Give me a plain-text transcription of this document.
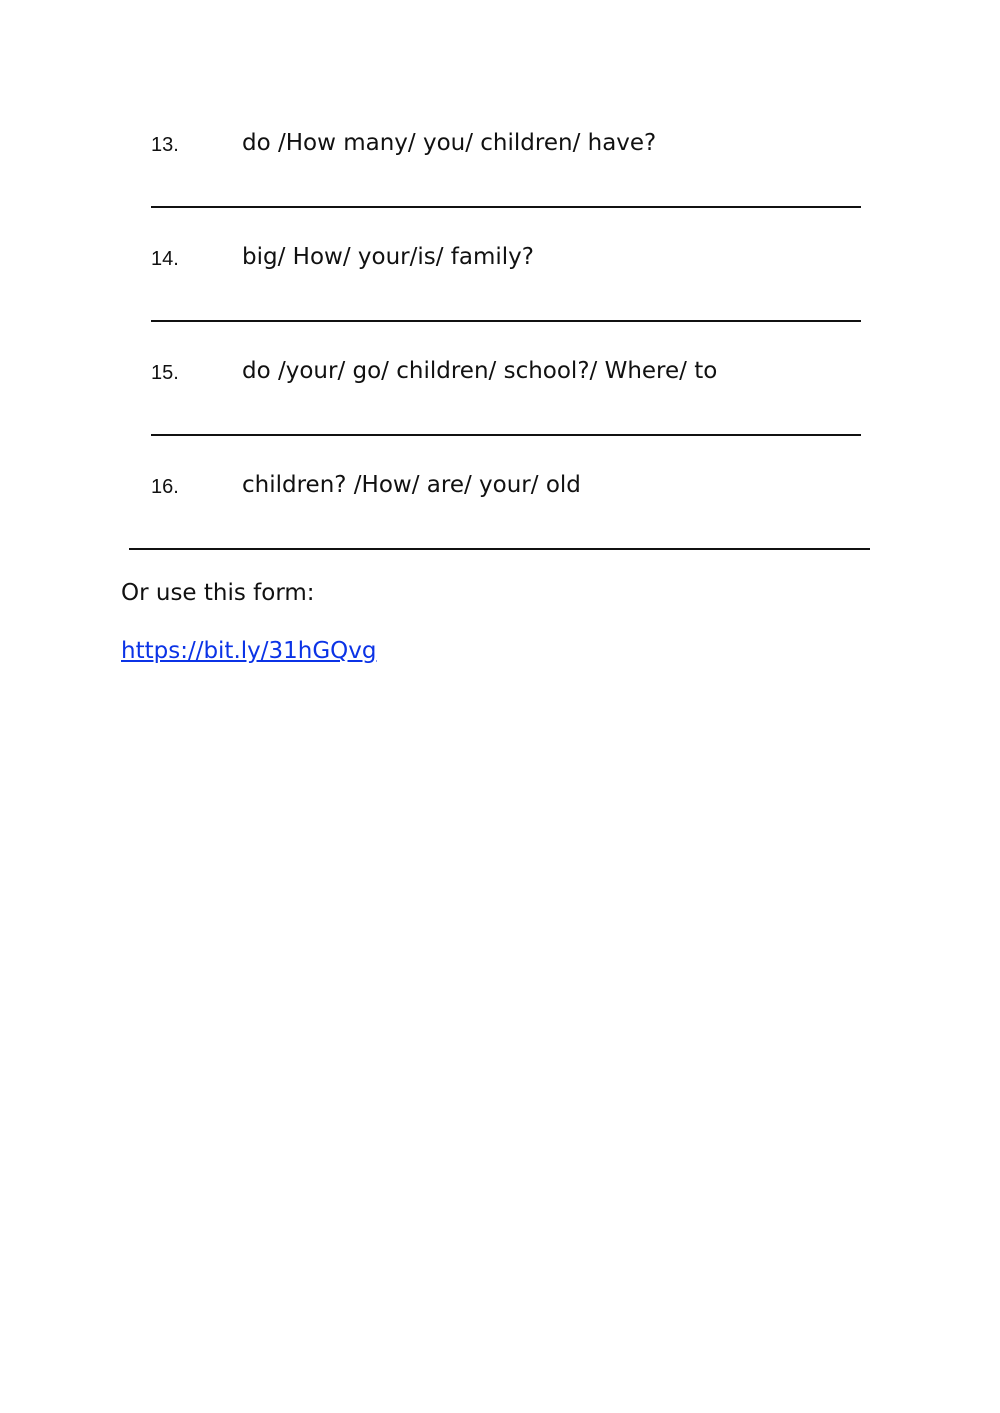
13.	do /How many/ you/ children/ have?
14.	big/ How/ your/is/ family?
15.	do /your/ go/ children/ school?/ Where/ to
16.	children? /How/ are/ your/ old
Or use this form:
https://bit.ly/31hGQvg
